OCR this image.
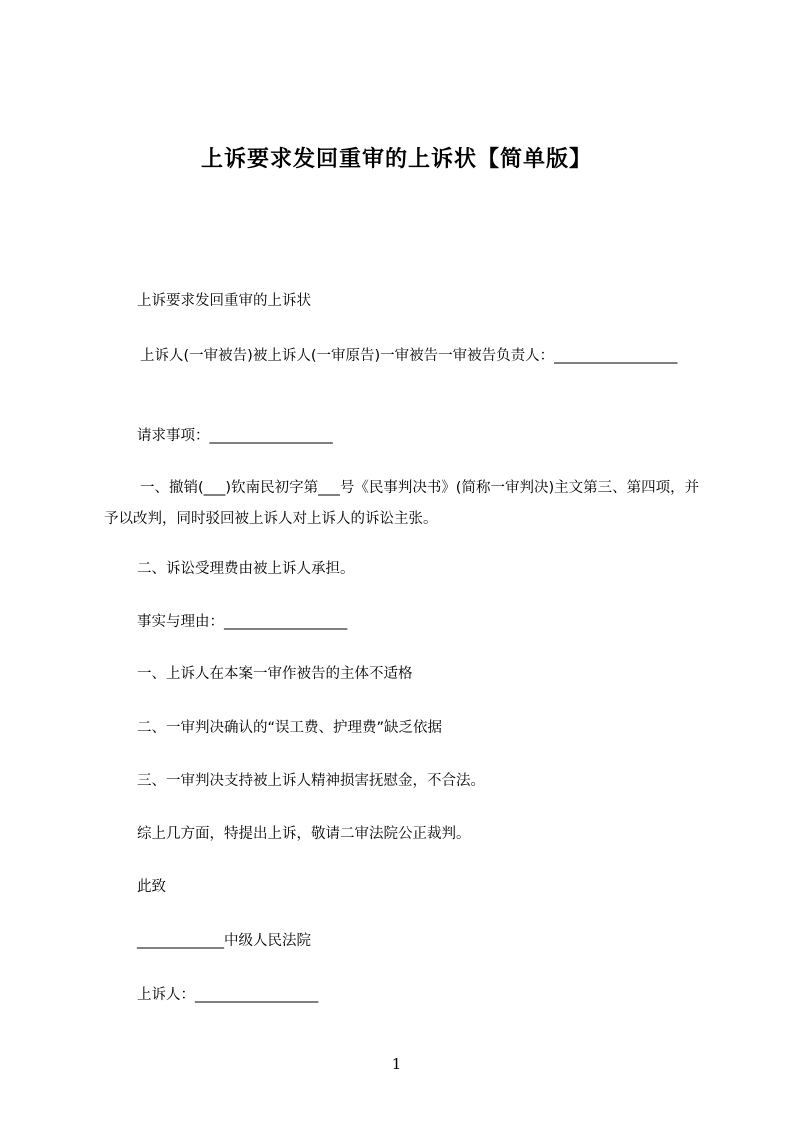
上诉要求发回重审的上诉状【简单版】
上诉要求发回重审的上诉状
上诉人(一审被告)被上诉人(一审原告)一审被告一审被告负责人：_________________
请求事项：_________________
一、撤销(___)钦南民初字第___号《民事判决书》(简称一审判决)主文第三、第四项，并予以改判，同时驳回被上诉人对上诉人的诉讼主张。
二、诉讼受理费由被上诉人承担。
事实与理由：_________________
一、上诉人在本案一审作被告的主体不适格
二、一审判决确认的“误工费、护理费”缺乏依据
三、一审判决支持被上诉人精神损害抚慰金，不合法。
综上几方面，特提出上诉，敬请二审法院公正裁判。
此致
____________中级人民法院
上诉人：_________________
1
